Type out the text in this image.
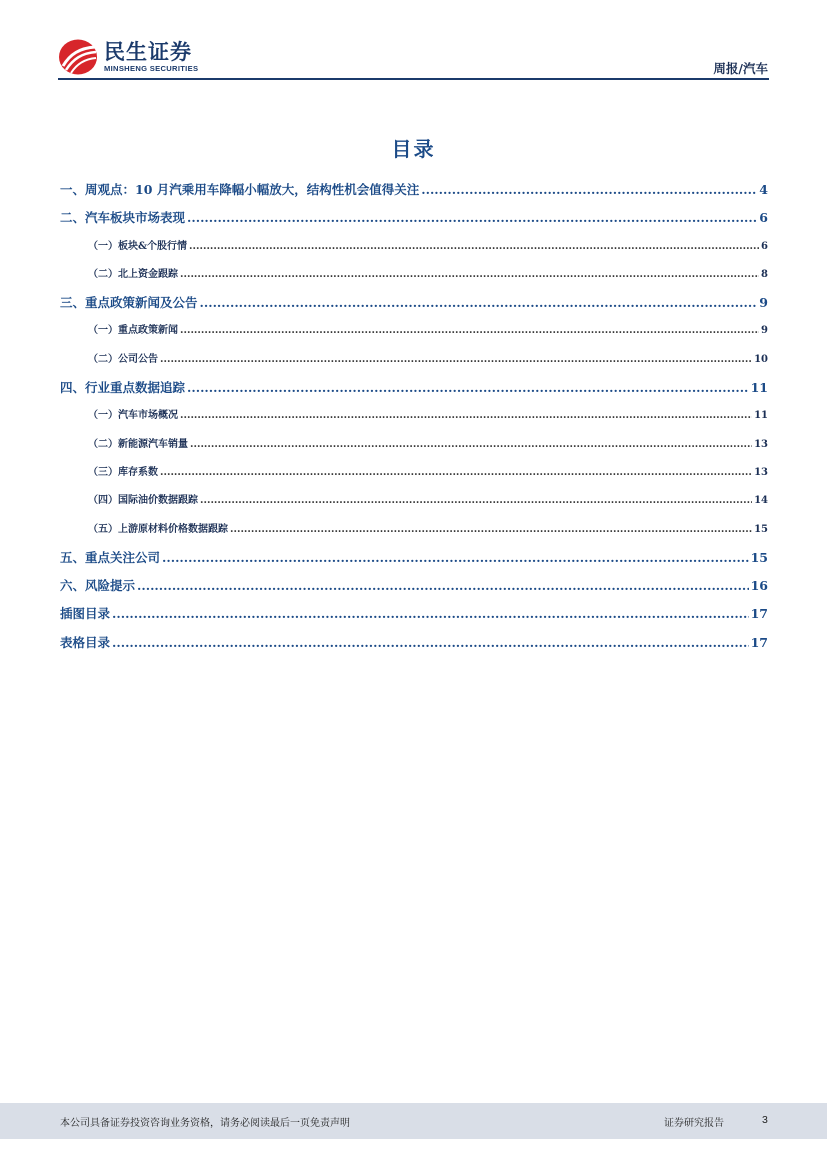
民生证券
MINSHENG SECURITIES	周报/汽车
目录
一、周观点：10 月汽乘用车降幅小幅放大，结构性机会值得关注 .....	4
二、汽车板块市场表现 .....	6
（一）板块&个股行情 .....	6
（二）北上资金跟踪 .....	8
三、重点政策新闻及公告 .....	9
（一）重点政策新闻 .....	9
（二）公司公告 .....	10
四、行业重点数据追踪 .....	11
（一）汽车市场概况 .....	11
（二）新能源汽车销量 .....	13
（三）库存系数 .....	13
（四）国际油价数据跟踪 .....	14
（五）上游原材料价格数据跟踪 .....	15
五、重点关注公司 .....	15
六、风险提示 .....	16
插图目录 .....	17
表格目录 .....	17
本公司具备证券投资咨询业务资格，请务必阅读最后一页免责声明	证券研究报告	3
